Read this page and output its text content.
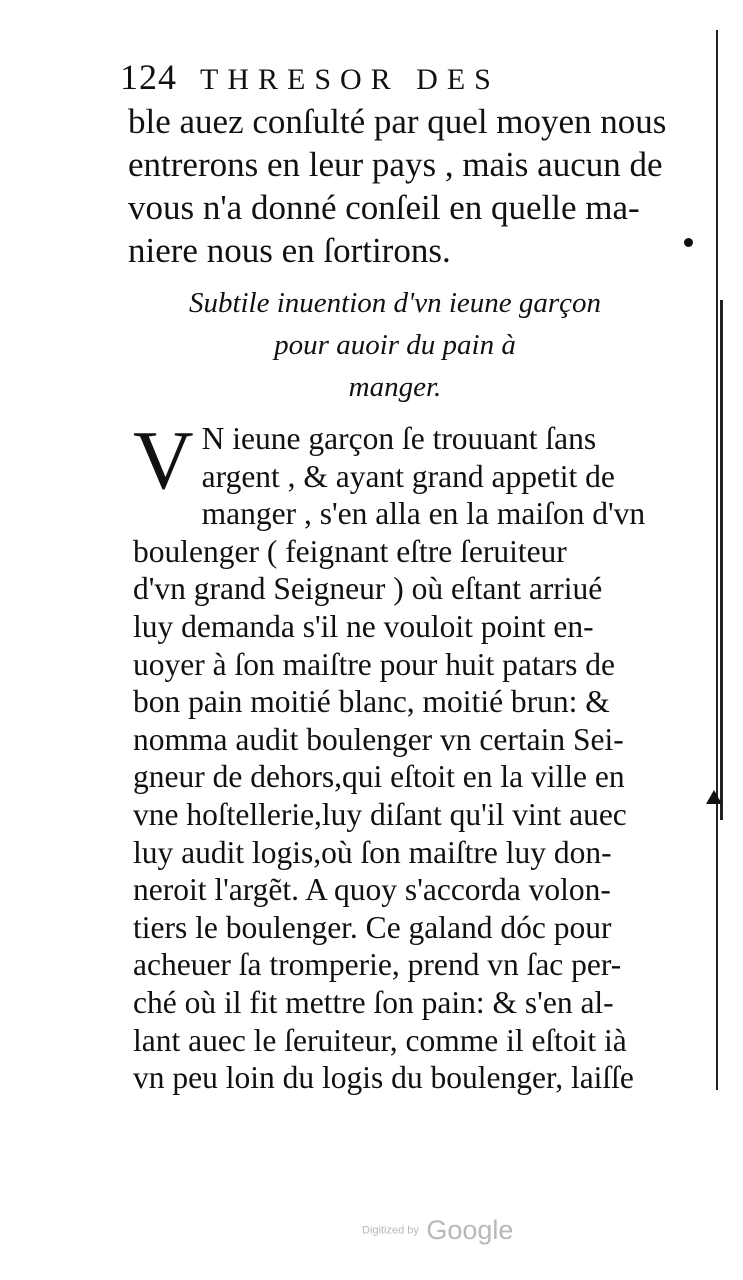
124 THRESOR DES
ble auez conſulté par quel moyen nous
entrerons en leur pays , mais aucun de
vous n'a donné conſeil en quelle ma-
niere nous en ſortirons.
Subtile inuention d'vn ieune garçon
pour auoir du pain à
manger.
V N ieune garçon ſe trouuant ſans
argent , & ayant grand appetit de
manger , s'en alla en la maiſon d'vn
boulenger ( feignant eſtre ſeruiteur
d'vn grand Seigneur ) où eſtant arriué
luy demanda s'il ne vouloit point en-
uoyer à ſon maiſtre pour huit patars de
bon pain moitié blanc, moitié brun: &
nomma audit boulenger vn certain Sei-
gneur de dehors,qui eſtoit en la ville en
vne hoſtellerie,luy diſant qu'il vint auec
luy audit logis,où ſon maiſtre luy don-
neroit l'argẽt. A quoy s'accorda volon-
tiers le boulenger. Ce galand dóc pour
acheuer ſa tromperie, prend vn ſac per-
ché où il fit mettre ſon pain: & s'en al-
lant auec le ſeruiteur, comme il eſtoit ià
vn peu loin du logis du boulenger, laiſſe
Digitized by Google
